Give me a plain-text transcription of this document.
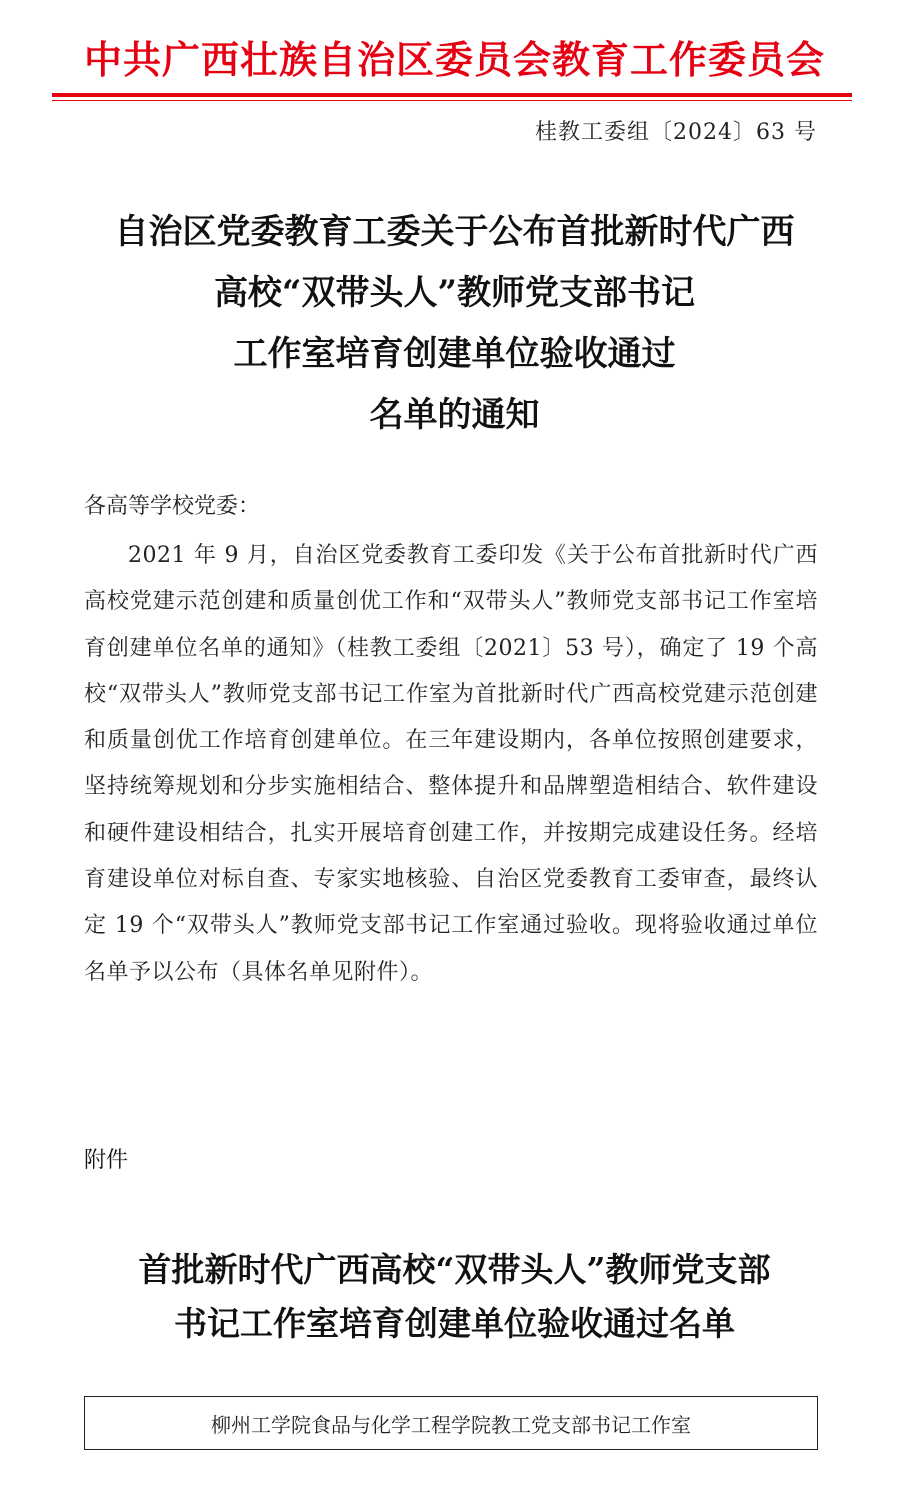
中共广西壮族自治区委员会教育工作委员会
桂教工委组〔2024〕63 号
自治区党委教育工委关于公布首批新时代广西
高校“双带头人”教师党支部书记
工作室培育创建单位验收通过
名单的通知
各高等学校党委：

2021 年 9 月，自治区党委教育工委印发《关于公布首批新时代广西高校党建示范创建和质量创优工作和“双带头人”教师党支部书记工作室培育创建单位名单的通知》（桂教工委组〔2021〕53 号），确定了 19 个高校“双带头人”教师党支部书记工作室为首批新时代广西高校党建示范创建和质量创优工作培育创建单位。在三年建设期内，各单位按照创建要求，坚持统筹规划和分步实施相结合、整体提升和品牌塑造相结合、软件建设和硬件建设相结合，扎实开展培育创建工作，并按期完成建设任务。经培育建设单位对标自查、专家实地核验、自治区党委教育工委审查，最终认定 19 个“双带头人”教师党支部书记工作室通过验收。现将验收通过单位名单予以公布（具体名单见附件）。

附件
首批新时代广西高校“双带头人”教师党支部
书记工作室培育创建单位验收通过名单
柳州工学院食品与化学工程学院教工党支部书记工作室
